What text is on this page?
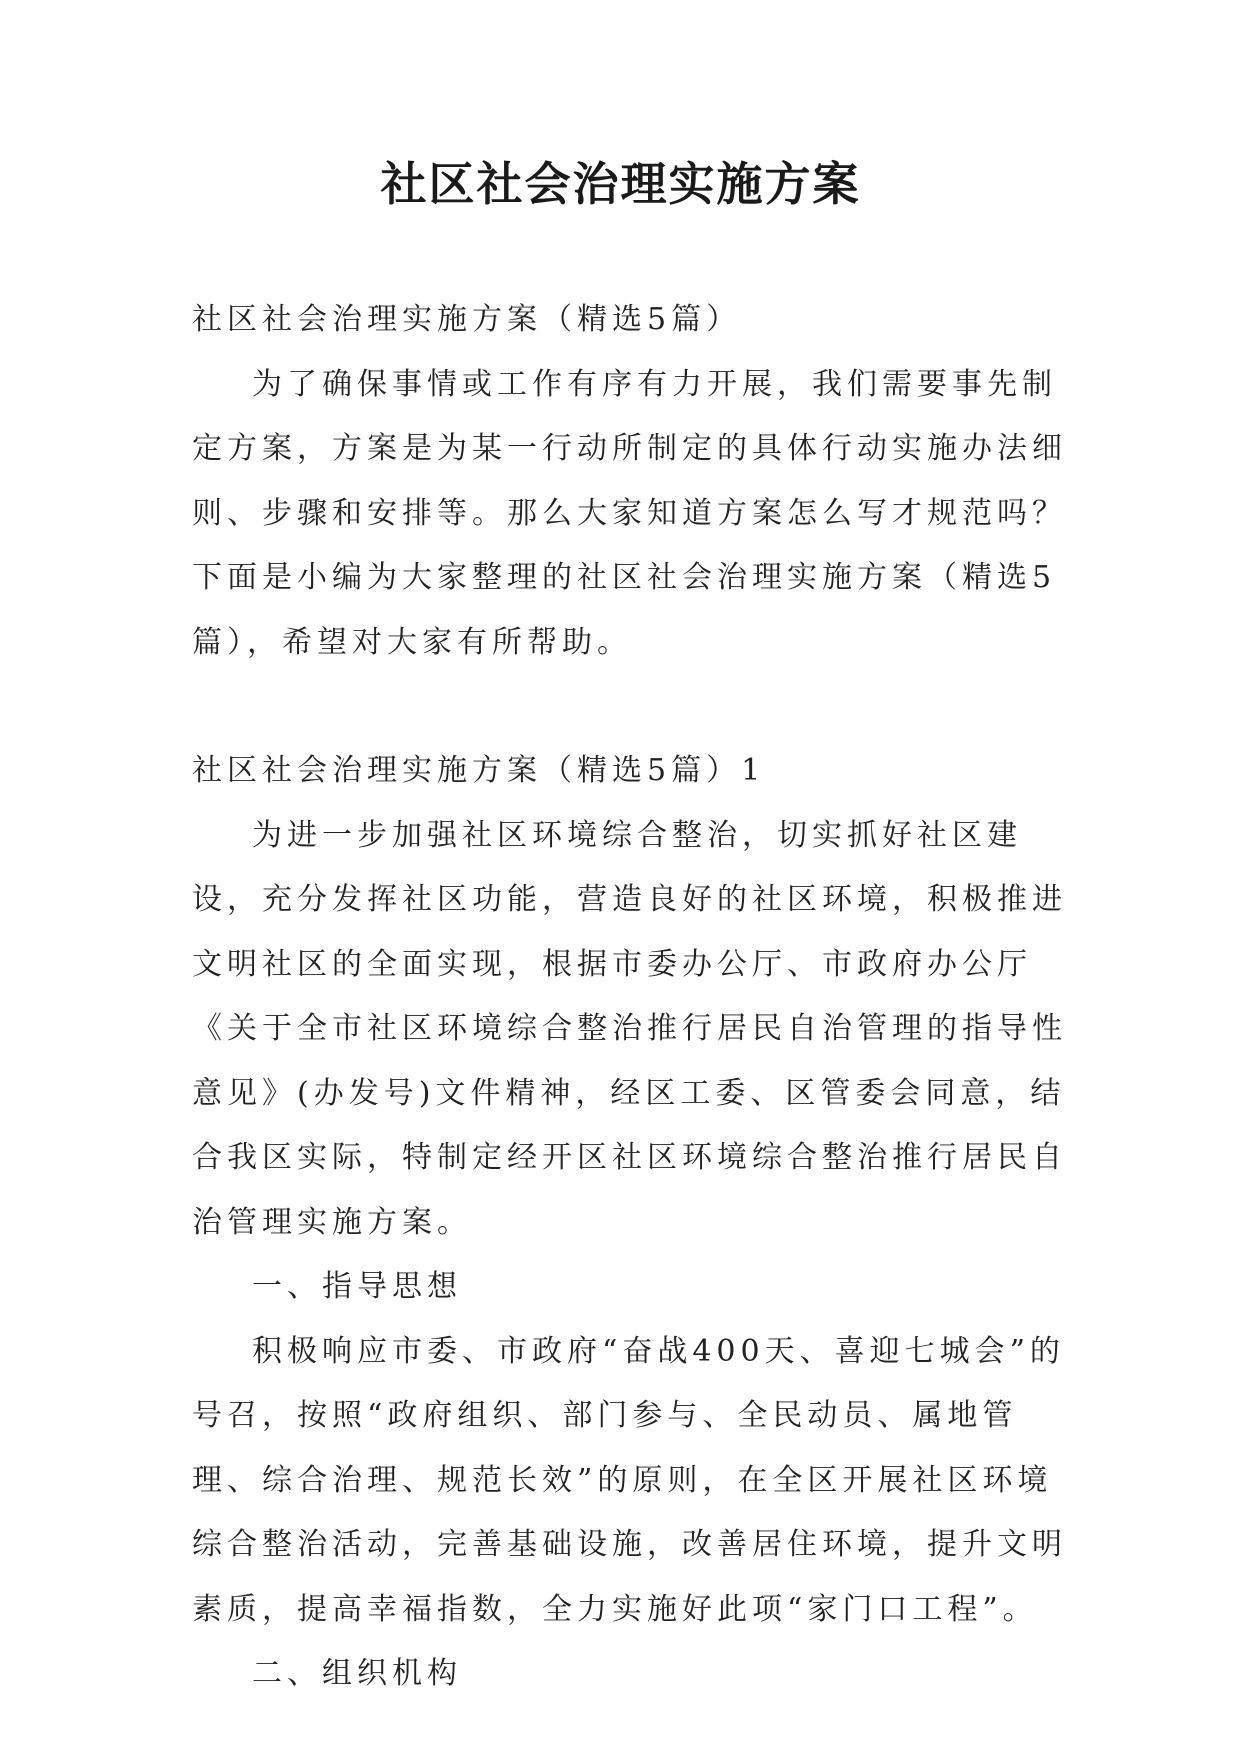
社区社会治理实施方案

社区社会治理实施方案（精选5篇）

为了确保事情或工作有序有力开展，我们需要事先制定方案，方案是为某一行动所制定的具体行动实施办法细则、步骤和安排等。那么大家知道方案怎么写才规范吗？下面是小编为大家整理的社区社会治理实施方案（精选5篇），希望对大家有所帮助。

社区社会治理实施方案（精选5篇）1

为进一步加强社区环境综合整治，切实抓好社区建设，充分发挥社区功能，营造良好的社区环境，积极推进文明社区的全面实现，根据市委办公厅、市政府办公厅《关于全市社区环境综合整治推行居民自治管理的指导性意见》(办发号)文件精神，经区工委、区管委会同意，结合我区实际，特制定经开区社区环境综合整治推行居民自治管理实施方案。

一、指导思想

积极响应市委、市政府“奋战400天、喜迎七城会”的号召，按照“政府组织、部门参与、全民动员、属地管理、综合治理、规范长效”的原则，在全区开展社区环境综合整治活动，完善基础设施，改善居住环境，提升文明素质，提高幸福指数，全力实施好此项“家门口工程”。

二、组织机构
